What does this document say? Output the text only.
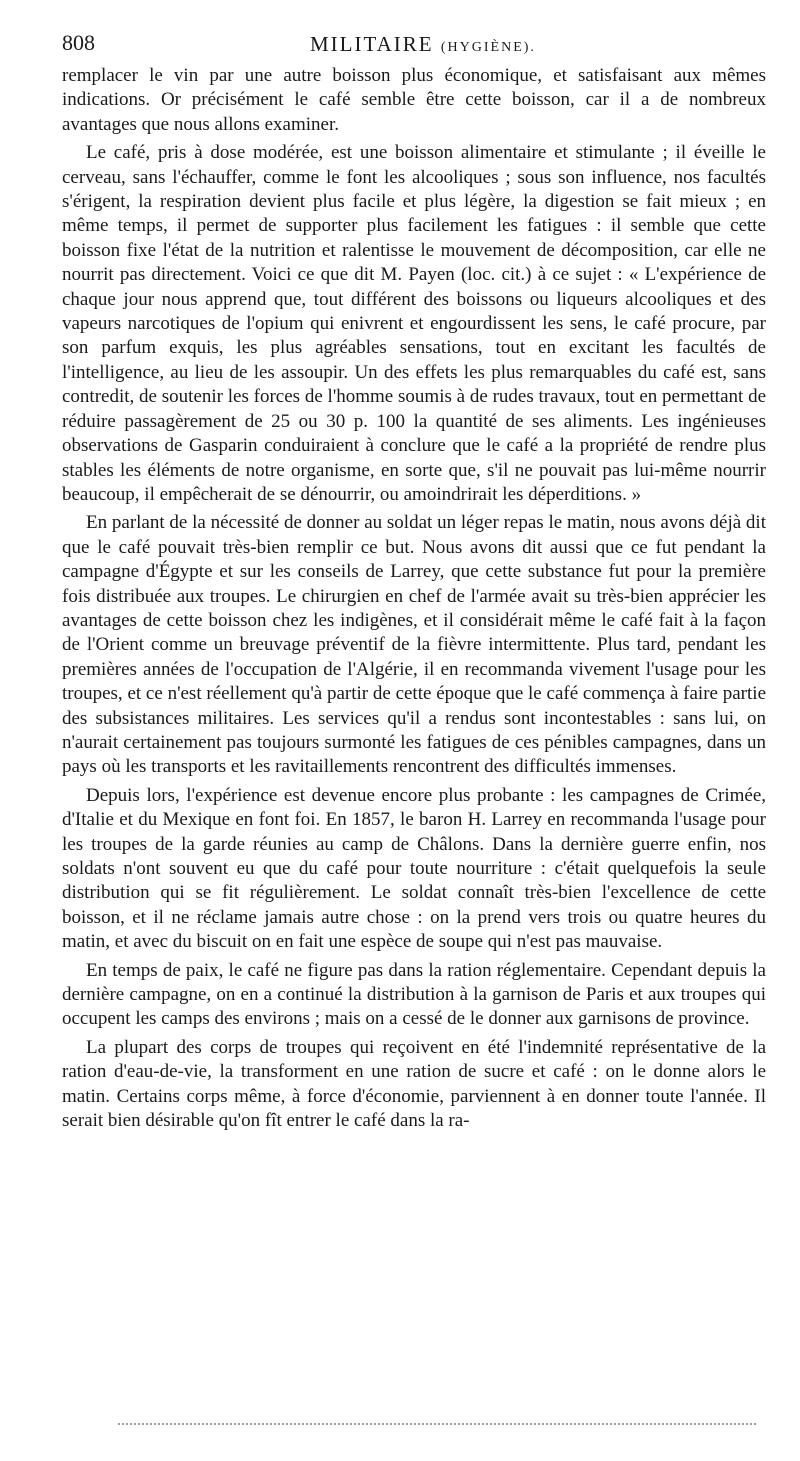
808	MILITAIRE (HYGIÈNE).

remplacer le vin par une autre boisson plus économique, et satisfaisant aux mêmes indications. Or précisément le café semble être cette boisson, car il a de nombreux avantages que nous allons examiner.

Le café, pris à dose modérée, est une boisson alimentaire et stimulante ; il éveille le cerveau, sans l'échauffer, comme le font les alcooliques ; sous son influence, nos facultés s'érigent, la respiration devient plus facile et plus légère, la digestion se fait mieux ; en même temps, il permet de supporter plus facilement les fatigues : il semble que cette boisson fixe l'état de la nutrition et ralentisse le mouvement de décomposition, car elle ne nourrit pas directement. Voici ce que dit M. Payen (loc. cit.) à ce sujet : « L'expérience de chaque jour nous apprend que, tout différent des boissons ou liqueurs alcooliques et des vapeurs narcotiques de l'opium qui enivrent et engourdissent les sens, le café procure, par son parfum exquis, les plus agréables sensations, tout en excitant les facultés de l'intelligence, au lieu de les assoupir. Un des effets les plus remarquables du café est, sans contredit, de soutenir les forces de l'homme soumis à de rudes travaux, tout en permettant de réduire passagèrement de 25 ou 30 p. 100 la quantité de ses aliments. Les ingénieuses observations de Gasparin conduiraient à conclure que le café a la propriété de rendre plus stables les éléments de notre organisme, en sorte que, s'il ne pouvait pas lui-même nourrir beaucoup, il empêcherait de se dénourrir, ou amoindrirait les déperditions. »

En parlant de la nécessité de donner au soldat un léger repas le matin, nous avons déjà dit que le café pouvait très-bien remplir ce but. Nous avons dit aussi que ce fut pendant la campagne d'Égypte et sur les conseils de Larrey, que cette substance fut pour la première fois distribuée aux troupes. Le chirurgien en chef de l'armée avait su très-bien apprécier les avantages de cette boisson chez les indigènes, et il considérait même le café fait à la façon de l'Orient comme un breuvage préventif de la fièvre intermittente. Plus tard, pendant les premières années de l'occupation de l'Algérie, il en recommanda vivement l'usage pour les troupes, et ce n'est réellement qu'à partir de cette époque que le café commença à faire partie des subsistances militaires. Les services qu'il a rendus sont incontestables : sans lui, on n'aurait certainement pas toujours surmonté les fatigues de ces pénibles campagnes, dans un pays où les transports et les ravitaillements rencontrent des difficultés immenses.

Depuis lors, l'expérience est devenue encore plus probante : les campagnes de Crimée, d'Italie et du Mexique en font foi. En 1857, le baron H. Larrey en recommanda l'usage pour les troupes de la garde réunies au camp de Châlons. Dans la dernière guerre enfin, nos soldats n'ont souvent eu que du café pour toute nourriture : c'était quelquefois la seule distribution qui se fit régulièrement. Le soldat connaît très-bien l'excellence de cette boisson, et il ne réclame jamais autre chose : on la prend vers trois ou quatre heures du matin, et avec du biscuit on en fait une espèce de soupe qui n'est pas mauvaise.

En temps de paix, le café ne figure pas dans la ration réglementaire. Cependant depuis la dernière campagne, on en a continué la distribution à la garnison de Paris et aux troupes qui occupent les camps des environs ; mais on a cessé de le donner aux garnisons de province.

La plupart des corps de troupes qui reçoivent en été l'indemnité représentative de la ration d'eau-de-vie, la transforment en une ration de sucre et café : on le donne alors le matin. Certains corps même, à force d'économie, parviennent à en donner toute l'année. Il serait bien désirable qu'on fît entrer le café dans la ra-
